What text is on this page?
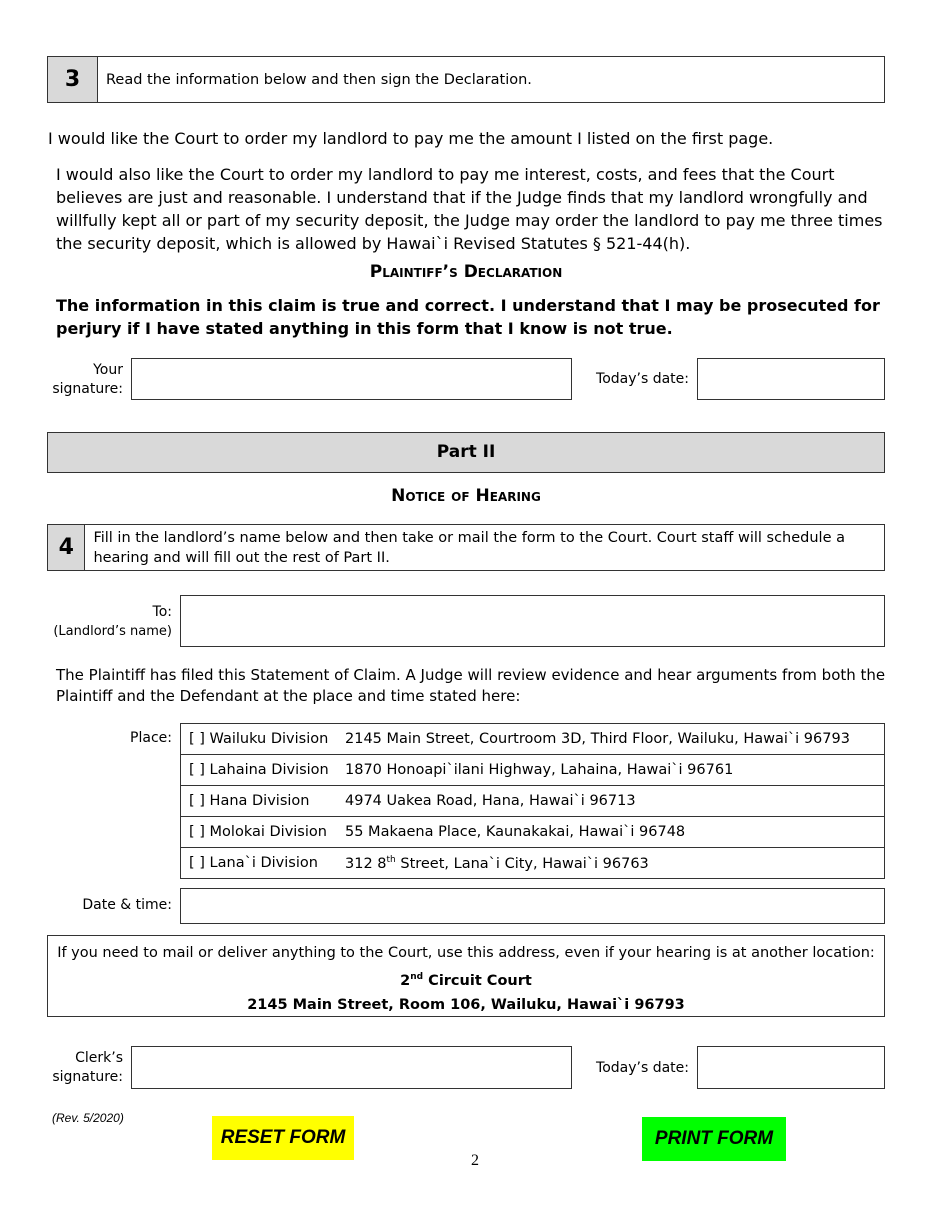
3	Read the information below and then sign the Declaration.
I would like the Court to order my landlord to pay me the amount I listed on the first page.
I would also like the Court to order my landlord to pay me interest, costs, and fees that the Court believes are just and reasonable. I understand that if the Judge finds that my landlord wrongfully and willfully kept all or part of my security deposit, the Judge may order the landlord to pay me three times the security deposit, which is allowed by Hawai`i Revised Statutes § 521-44(h).
Plaintiff’s Declaration
The information in this claim is true and correct. I understand that I may be prosecuted for perjury if I have stated anything in this form that I know is not true.
Your
signature:
Today’s date:
Part II
Notice of Hearing
4	Fill in the landlord’s name below and then take or mail the form to the Court. Court staff will schedule a hearing and will fill out the rest of Part II.
To:
(Landlord’s name)
The Plaintiff has filed this Statement of Claim. A Judge will review evidence and hear arguments from both the Plaintiff and the Defendant at the place and time stated here:
Place: [ ] Wailuku Division	2145 Main Street, Courtroom 3D, Third Floor, Wailuku, Hawai`i 96793
[ ] Lahaina Division	1870 Honoapi`ilani Highway, Lahaina, Hawai`i 96761
[ ] Hana Division	4974 Uakea Road, Hana, Hawai`i 96713
[ ] Molokai Division	55 Makaena Place, Kaunakakai, Hawai`i 96748
[ ] Lana`i Division	312 8th Street, Lana`i City, Hawai`i 96763
Date & time:
If you need to mail or deliver anything to the Court, use this address, even if your hearing is at another location:
2nd Circuit Court
2145 Main Street, Room 106, Wailuku, Hawai`i 96793
Clerk’s
signature:
Today’s date:
(Rev. 5/2020)
RESET FORM	PRINT FORM
2
